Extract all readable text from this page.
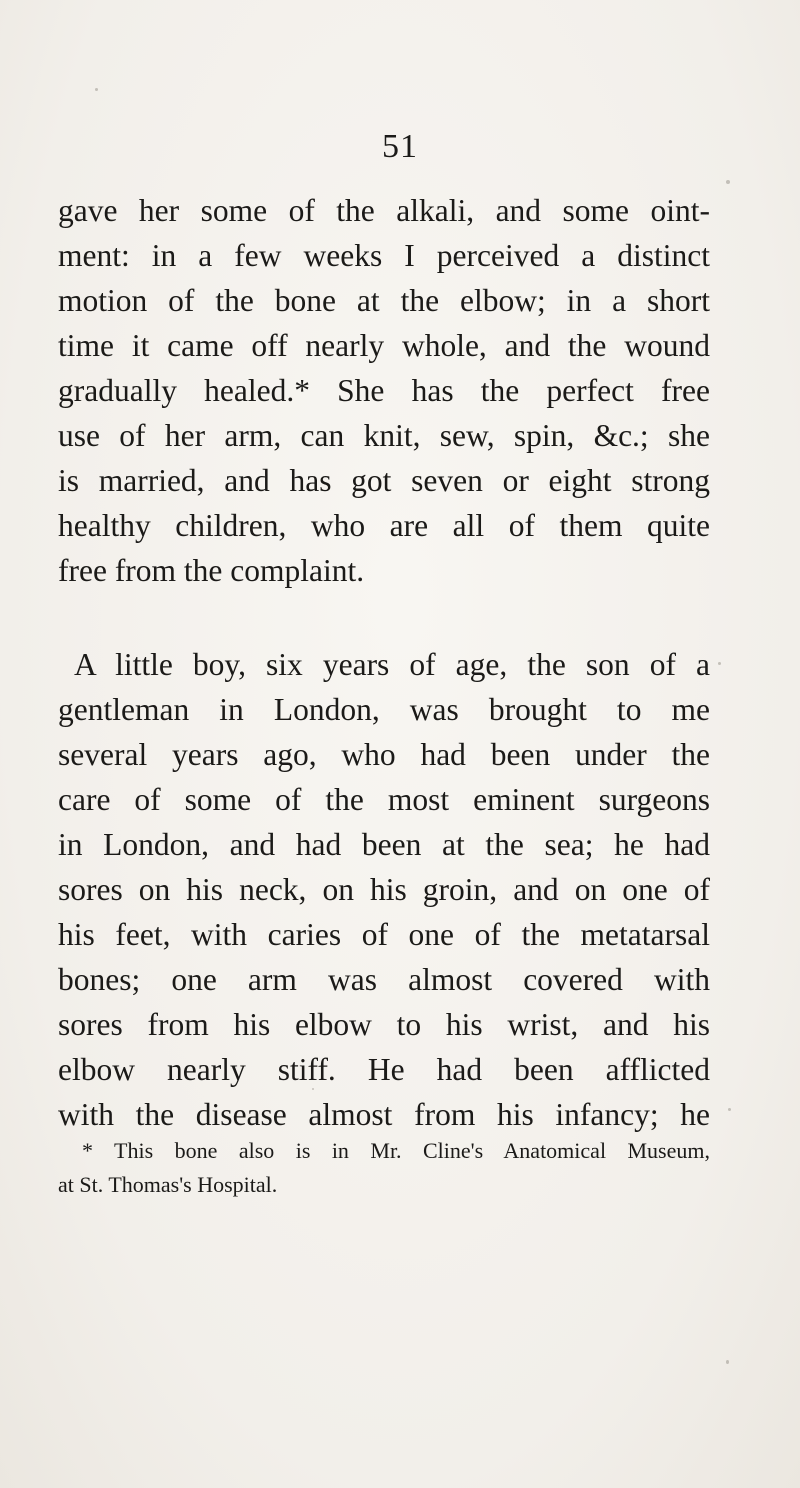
51
gave her some of the alkali, and some oint-
ment: in a few weeks I perceived a distinct
motion of the bone at the elbow; in a short
time it came off nearly whole, and the wound
gradually healed.* She has the perfect free
use of her arm, can knit, sew, spin, &c.; she
is married, and has got seven or eight strong
healthy children, who are all of them quite
free from the complaint.
A little boy, six years of age, the son of a
gentleman in London, was brought to me
several years ago, who had been under the
care of some of the most eminent surgeons
in London, and had been at the sea; he had
sores on his neck, on his groin, and on one of
his feet, with caries of one of the metatarsal
bones; one arm was almost covered with
sores from his elbow to his wrist, and his
elbow nearly stiff. He had been afflicted
with the disease almost from his infancy; he
* This bone also is in Mr. Cline's Anatomical Museum,
at St. Thomas's Hospital.
